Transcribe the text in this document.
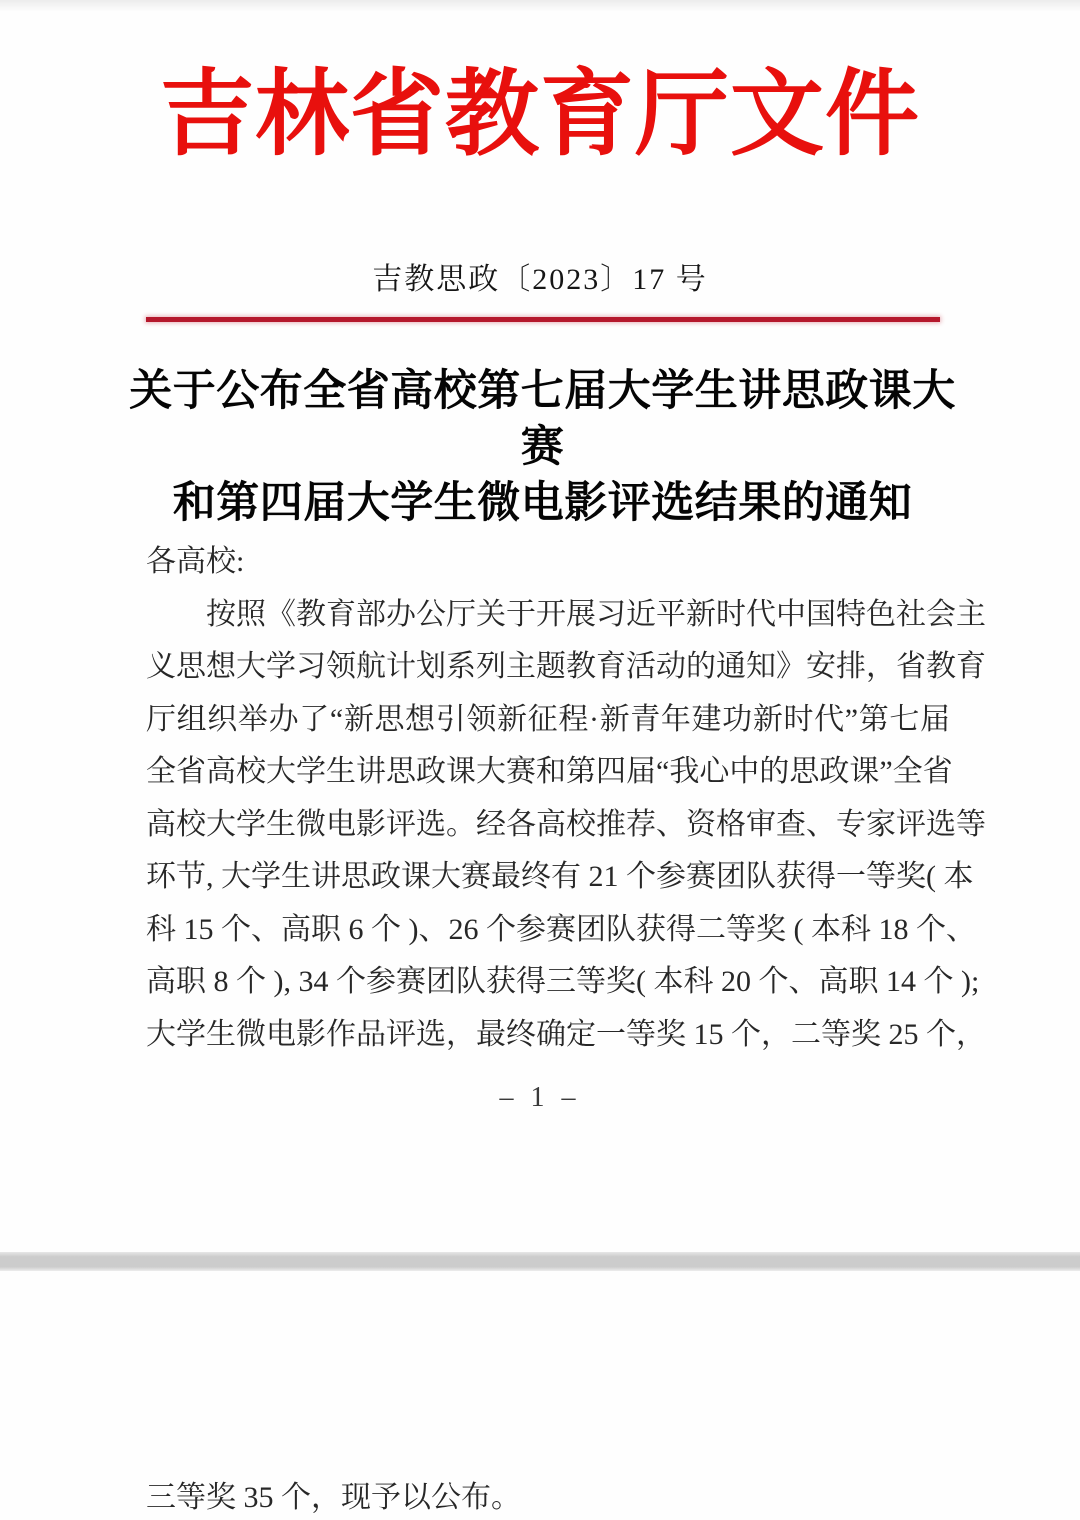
吉林省教育厅文件
吉教思政〔2023〕17 号
关于公布全省高校第七届大学生讲思政课大赛
和第四届大学生微电影评选结果的通知
各高校:
按照《教育部办公厅关于开展习近平新时代中国特色社会主
义思想大学习领航计划系列主题教育活动的通知》安排，省教育
厅组织举办了“新思想引领新征程·新青年建功新时代”第七届
全省高校大学生讲思政课大赛和第四届“我心中的思政课”全省
高校大学生微电影评选。经各高校推荐、资格审查、专家评选等
环节, 大学生讲思政课大赛最终有 21 个参赛团队获得一等奖( 本
科 15 个、高职 6 个 )、26 个参赛团队获得二等奖 ( 本科 18 个、
高职 8 个 ), 34 个参赛团队获得三等奖( 本科 20 个、高职 14 个 );
大学生微电影作品评选，最终确定一等奖 15 个，二等奖 25 个，
– 1 –
三等奖 35 个，现予以公布。
